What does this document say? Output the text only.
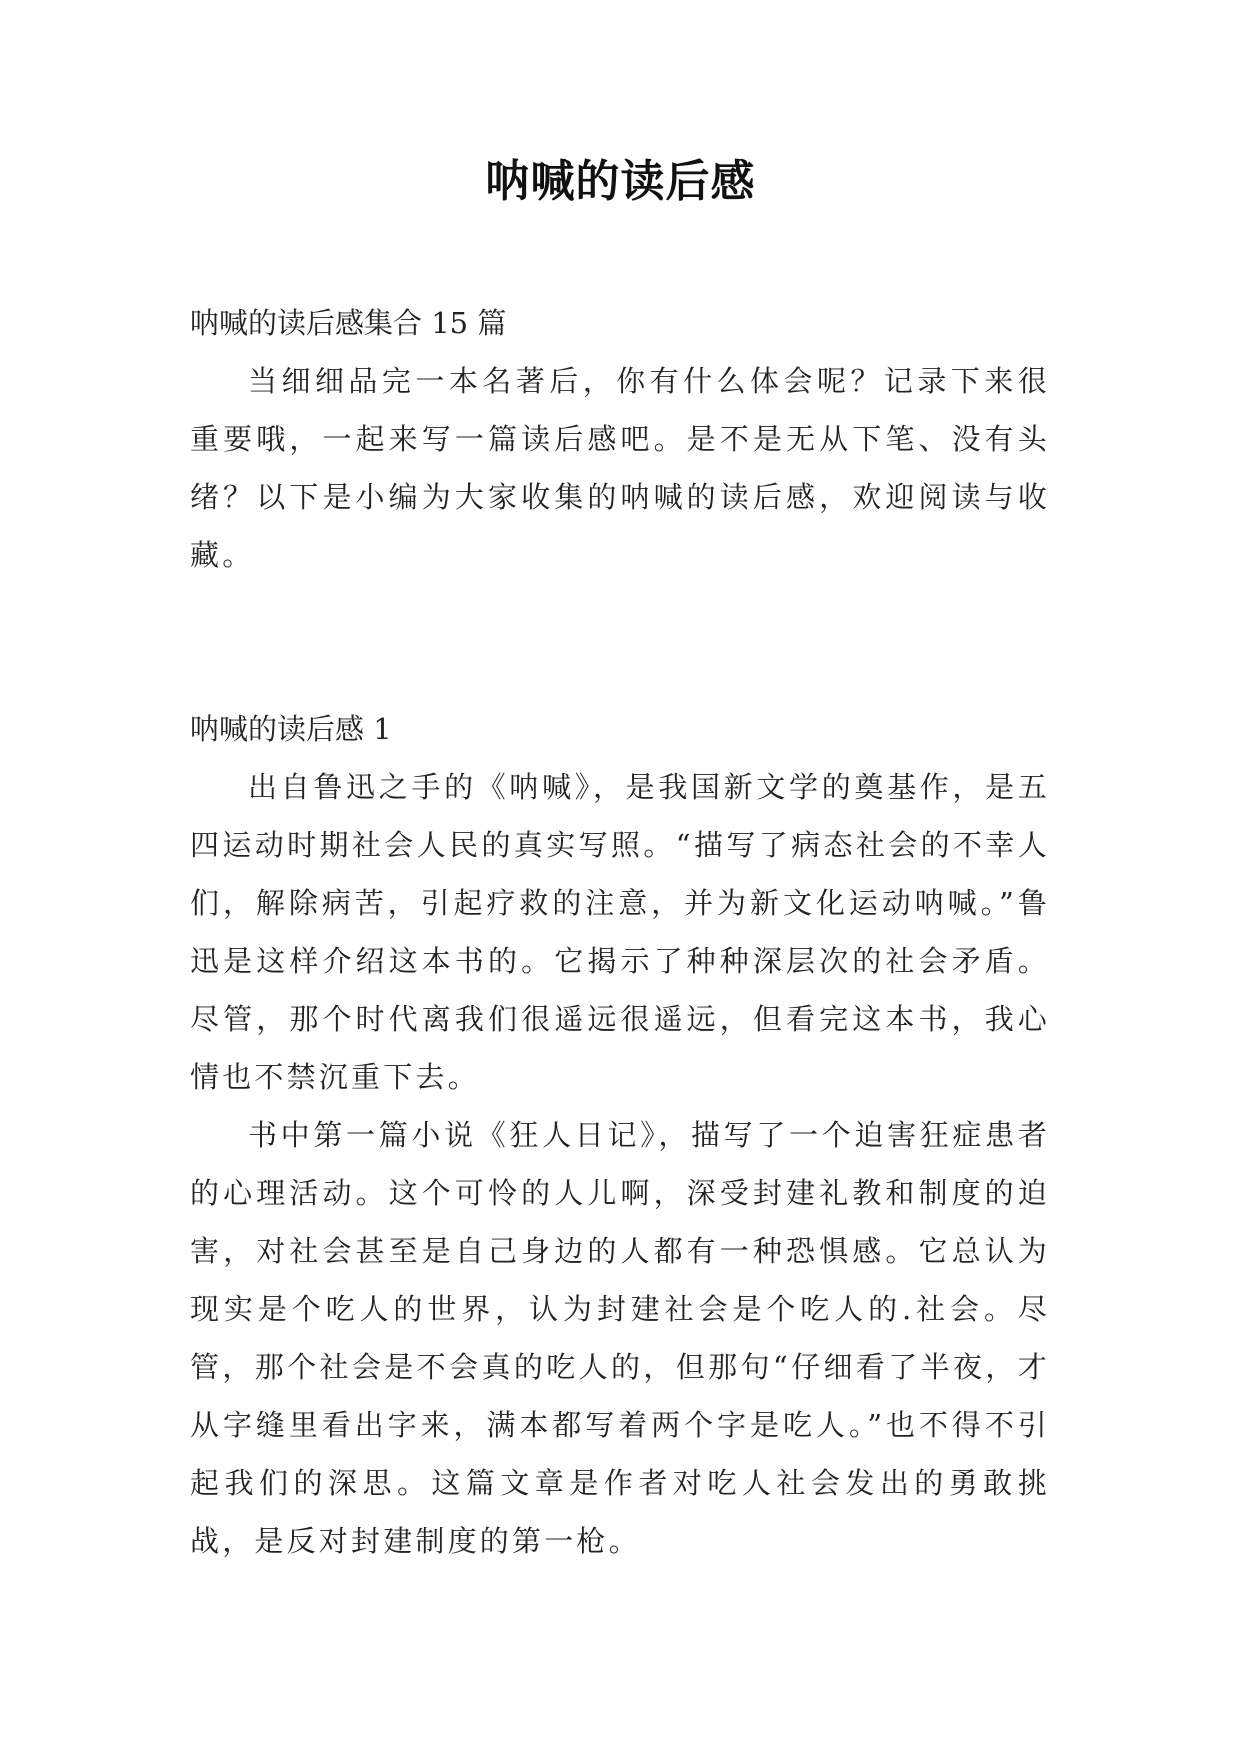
呐喊的读后感

呐喊的读后感集合 15 篇

当细细品完一本名著后，你有什么体会呢？记录下来很重要哦，一起来写一篇读后感吧。是不是无从下笔、没有头绪？以下是小编为大家收集的呐喊的读后感，欢迎阅读与收藏。

呐喊的读后感 1

出自鲁迅之手的《呐喊》，是我国新文学的奠基作，是五四运动时期社会人民的真实写照。“描写了病态社会的不幸人们，解除病苦，引起疗救的注意，并为新文化运动呐喊。”鲁迅是这样介绍这本书的。它揭示了种种深层次的社会矛盾。尽管，那个时代离我们很遥远很遥远，但看完这本书，我心情也不禁沉重下去。

书中第一篇小说《狂人日记》，描写了一个迫害狂症患者的心理活动。这个可怜的人儿啊，深受封建礼教和制度的迫害，对社会甚至是自己身边的人都有一种恐惧感。它总认为现实是个吃人的世界，认为封建社会是个吃人的.社会。尽管，那个社会是不会真的吃人的，但那句“仔细看了半夜，才从字缝里看出字来，满本都写着两个字是吃人。”也不得不引起我们的深思。这篇文章是作者对吃人社会发出的勇敢挑战，是反对封建制度的第一枪。
